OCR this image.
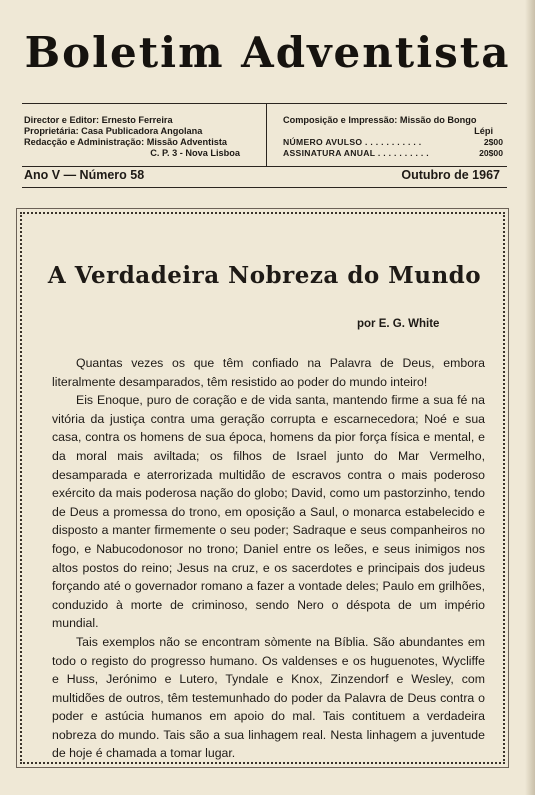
Boletim Adventista
Director e Editor: Ernesto Ferreira
Proprietária: Casa Publicadora Angolana
Redacção e Administração: Missão Adventista
C. P. 3 - Nova Lisboa
Composição e Impressão: Missão do Bongo
Lépi
NÚMERO AVULSO . . . . . . . . . . .	2$00
ASSINATURA ANUAL . . . . . . . . . .	20$00
Ano V — Número 58	Outubro de 1967
A Verdadeira Nobreza do Mundo
por E. G. White

Quantas vezes os que têm confiado na Palavra de Deus, embora literalmente desamparados, têm resistido ao poder do mundo inteiro!

Eis Enoque, puro de coração e de vida santa, mantendo firme a sua fé na vitória da justiça contra uma geração corrupta e escarnecedora; Noé e sua casa, contra os homens de sua época, homens da pior força física e mental, e da moral mais aviltada; os filhos de Israel junto do Mar Vermelho, desamparada e aterrorizada multidão de escravos contra o mais poderoso exército da mais poderosa nação do globo; David, como um pastorzinho, tendo de Deus a promessa do trono, em oposição a Saul, o monarca estabelecido e disposto a manter firmemente o seu poder; Sadraque e seus companheiros no fogo, e Nabucodonosor no trono; Daniel entre os leões, e seus inimigos nos altos postos do reino; Jesus na cruz, e os sacerdotes e principais dos judeus forçando até o governador romano a fazer a vontade deles; Paulo em grilhões, conduzido à morte de criminoso, sendo Nero o déspota de um império mundial.

Tais exemplos não se encontram sòmente na Bíblia. São abundantes em todo o registo do progresso humano. Os valdenses e os huguenotes, Wycliffe e Huss, Jerónimo e Lutero, Tyndale e Knox, Zinzendorf e Wesley, com multidões de outros, têm testemunhado do poder da Palavra de Deus contra o poder e astúcia humanos em apoio do mal. Tais contituem a verdadeira nobreza do mundo. Tais são a sua linhagem real. Nesta linhagem a juventude de hoje é chamada a tomar lugar.
